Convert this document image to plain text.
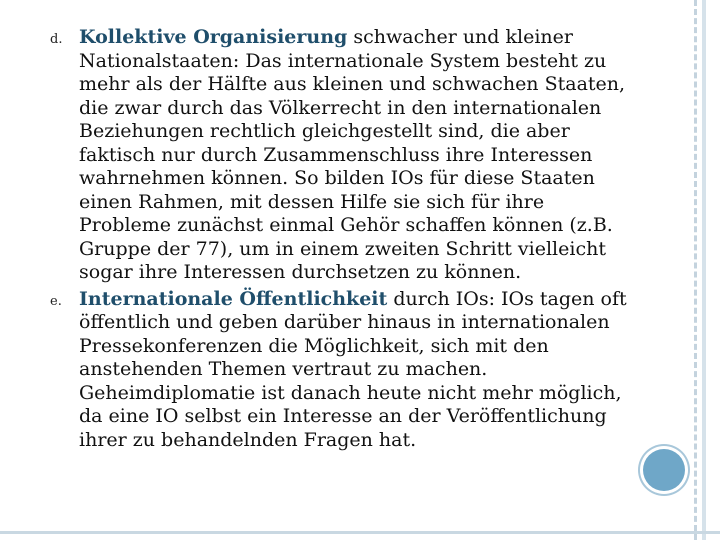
d. Kollektive Organisierung schwacher und kleiner Nationalstaaten: Das internationale System besteht zu mehr als der Hälfte aus kleinen und schwachen Staaten, die zwar durch das Völkerrecht in den internationalen Beziehungen rechtlich gleichgestellt sind, die aber faktisch nur durch Zusammenschluss ihre Interessen wahrnehmen können. So bilden IOs für diese Staaten einen Rahmen, mit dessen Hilfe sie sich für ihre Probleme zunächst einmal Gehör schaffen können (z.B. Gruppe der 77), um in einem zweiten Schritt vielleicht sogar ihre Interessen durchsetzen zu können.
e. Internationale Öffentlichkeit durch IOs: IOs tagen oft öffentlich und geben darüber hinaus in internationalen Pressekonferenzen die Möglichkeit, sich mit den anstehenden Themen vertraut zu machen. Geheimdiplomatie ist danach heute nicht mehr möglich, da eine IO selbst ein Interesse an der Veröffentlichung ihrer zu behandelnden Fragen hat.
